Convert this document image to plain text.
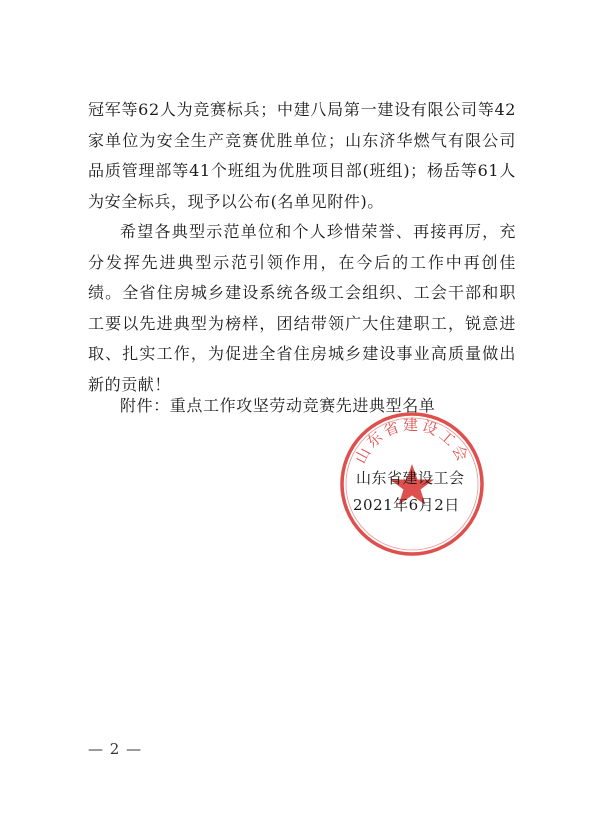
冠军等62人为竞赛标兵；中建八局第一建设有限公司等42家单位为安全生产竞赛优胜单位；山东济华燃气有限公司品质管理部等41个班组为优胜项目部(班组)；杨岳等61人为安全标兵，现予以公布(名单见附件)。

希望各典型示范单位和个人珍惜荣誉、再接再厉，充分发挥先进典型示范引领作用，在今后的工作中再创佳绩。全省住房城乡建设系统各级工会组织、工会干部和职工要以先进典型为榜样，团结带领广大住建职工，锐意进取、扎实工作，为促进全省住房城乡建设事业高质量做出新的贡献！

附件：重点工作攻坚劳动竞赛先进典型名单

山东省建设工会
山东省建设工会
2021年6月2日
— 2 —
